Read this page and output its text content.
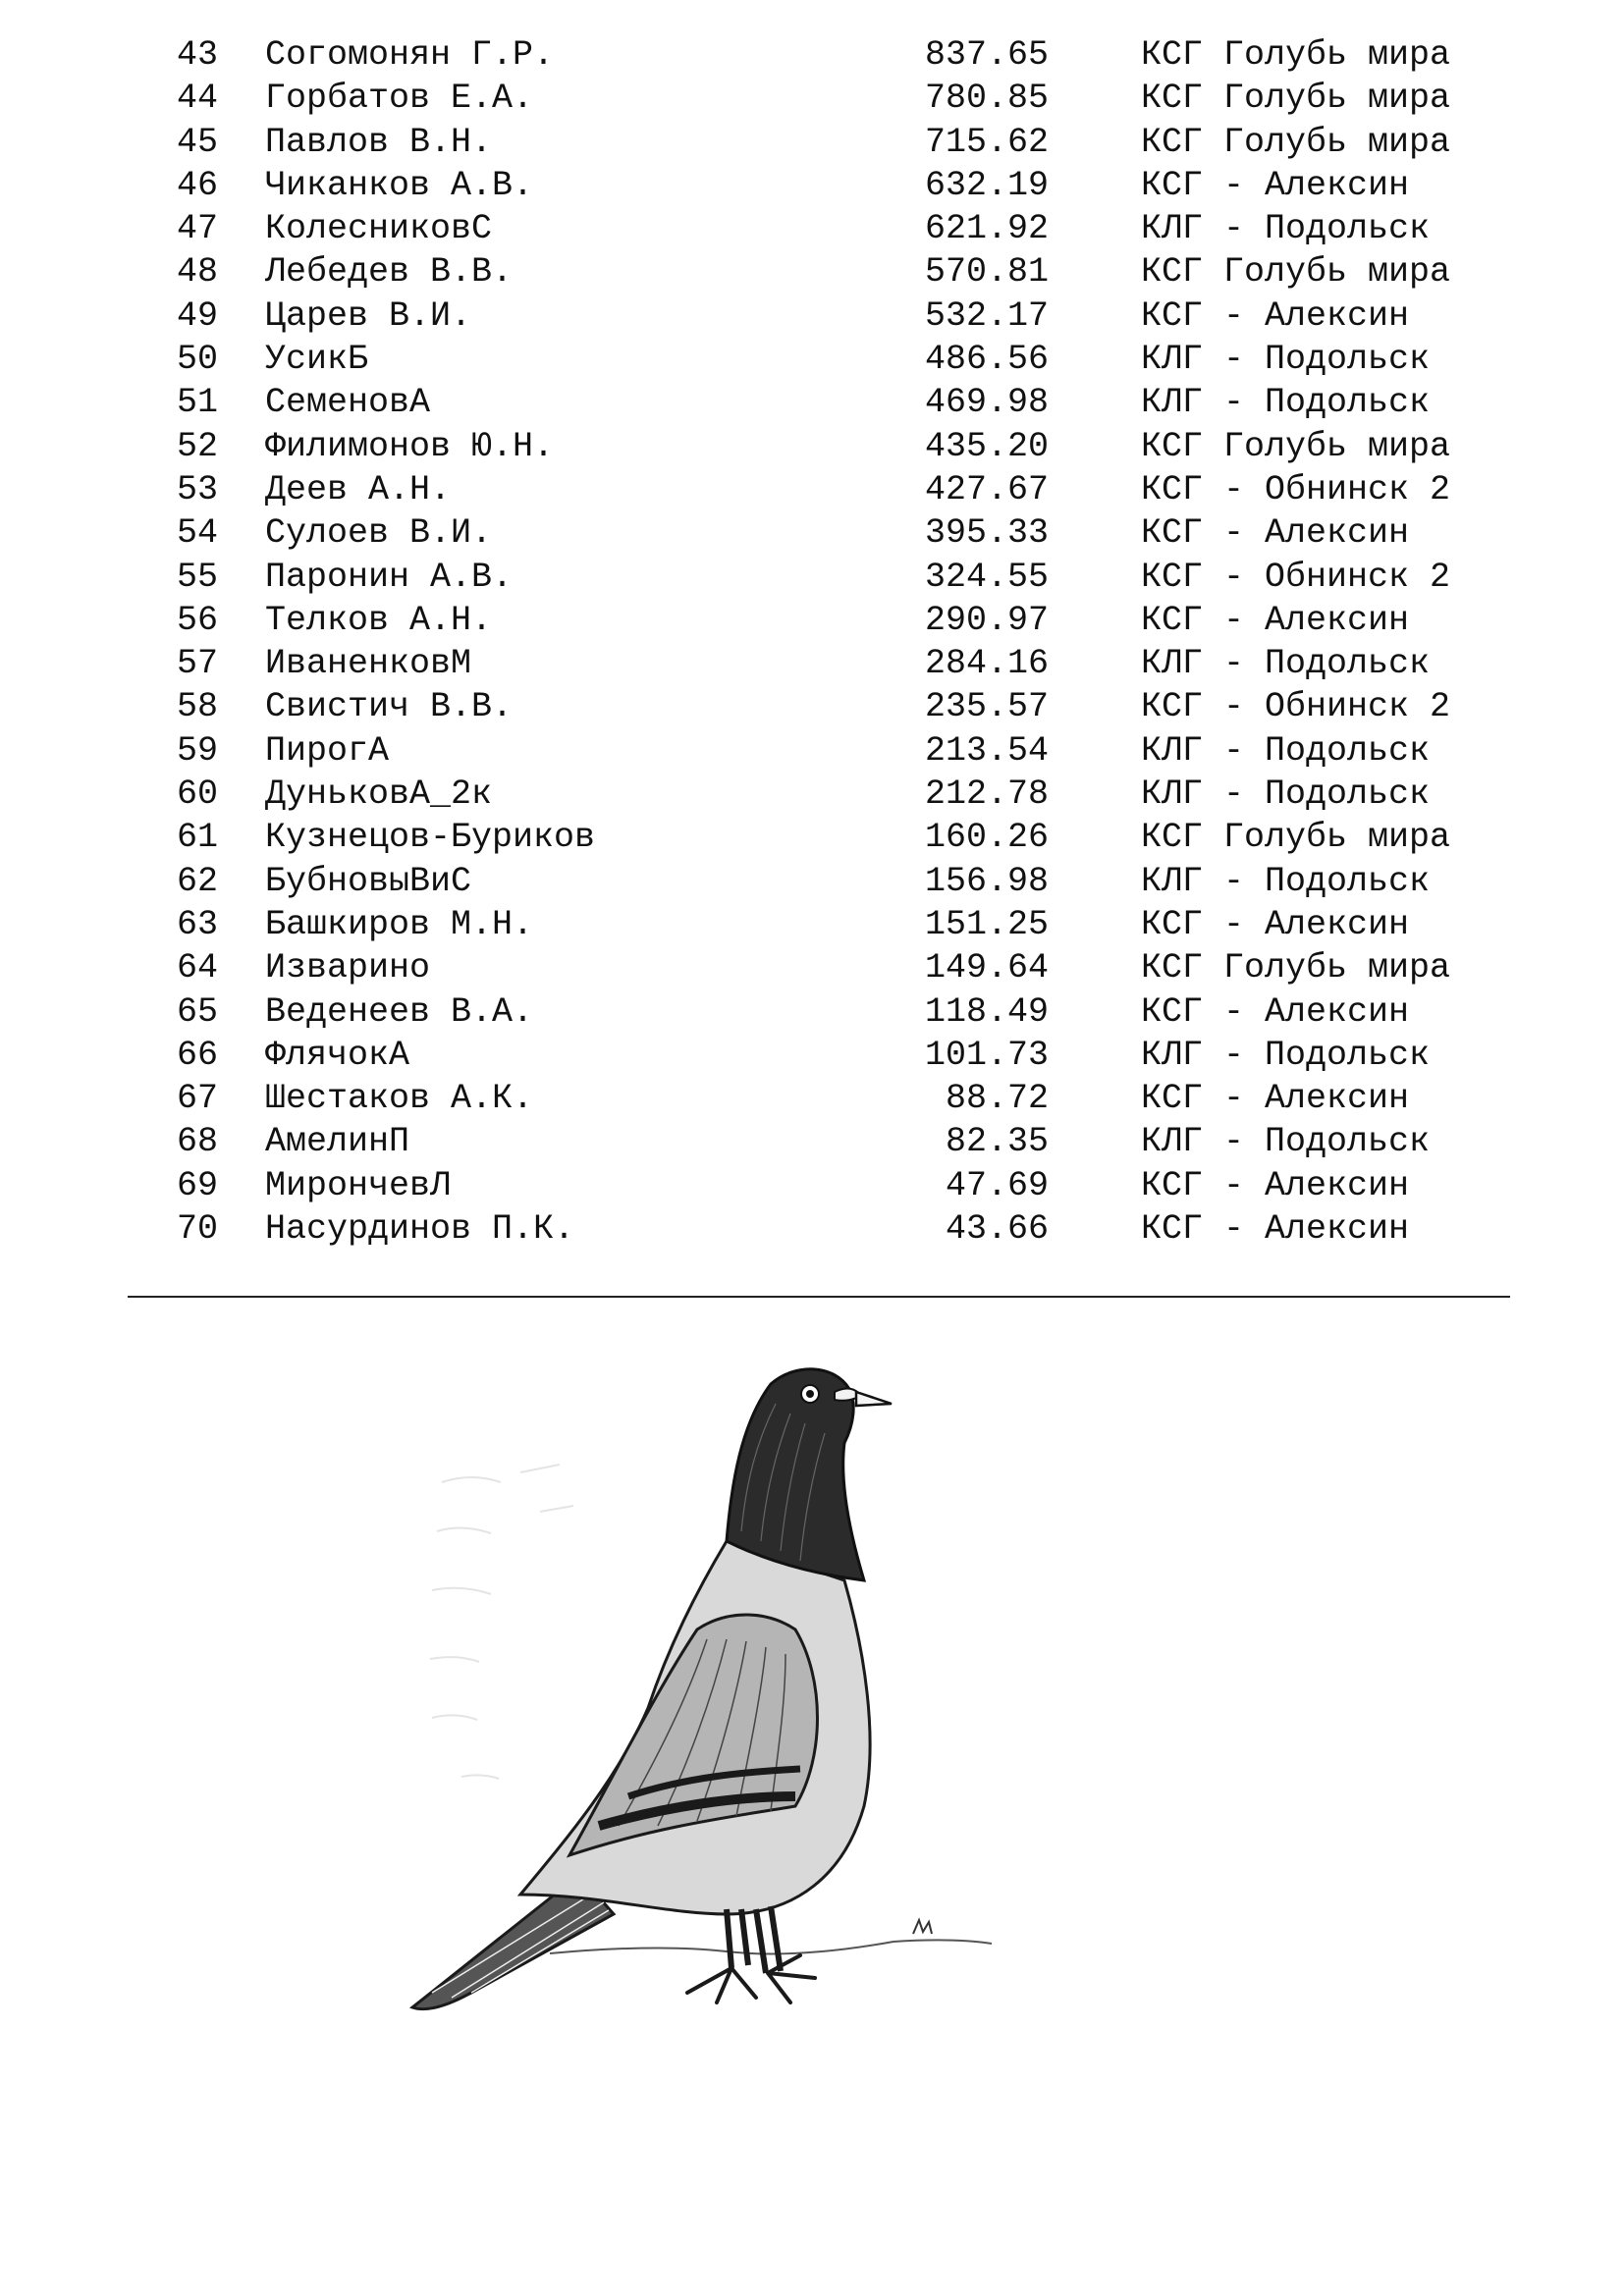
43 Согомонян Г.Р.	837.65	КСГ Голубь мира
44 Горбатов Е.А.	780.85	КСГ Голубь мира
45 Павлов В.Н.	715.62	КСГ Голубь мира
46 Чиканков А.В.	632.19	КСГ - Алексин
47 КолесниковС	621.92	КЛГ - Подольск
48 Лебедев В.В.	570.81	КСГ Голубь мира
49 Царев В.И.	532.17	КСГ - Алексин
50 УсикБ	486.56	КЛГ - Подольск
51 СеменовА	469.98	КЛГ - Подольск
52 Филимонов Ю.Н.	435.20	КСГ Голубь мира
53 Деев А.Н.	427.67	КСГ - Обнинск 2
54 Сулоев В.И.	395.33	КСГ - Алексин
55 Паронин А.В.	324.55	КСГ - Обнинск 2
56 Телков А.Н.	290.97	КСГ - Алексин
57 ИваненковМ	284.16	КЛГ - Подольск
58 Свистич В.В.	235.57	КСГ - Обнинск 2
59 ПирогА	213.54	КЛГ - Подольск
60 ДуньковА_2к	212.78	КЛГ - Подольск
61 Кузнецов-Буриков	160.26	КСГ Голубь мира
62 БубновыВиС	156.98	КЛГ - Подольск
63 Башкиров М.Н.	151.25	КСГ - Алексин
64 Изварино	149.64	КСГ Голубь мира
65 Веденеев В.А.	118.49	КСГ - Алексин
66 ФлячокА	101.73	КЛГ - Подольск
67 Шестаков А.К.	88.72	КСГ - Алексин
68 АмелинП	82.35	КЛГ - Подольск
69 МирончевЛ	47.69	КСГ - Алексин
70 Насурдинов П.К.	43.66	КСГ - Алексин
